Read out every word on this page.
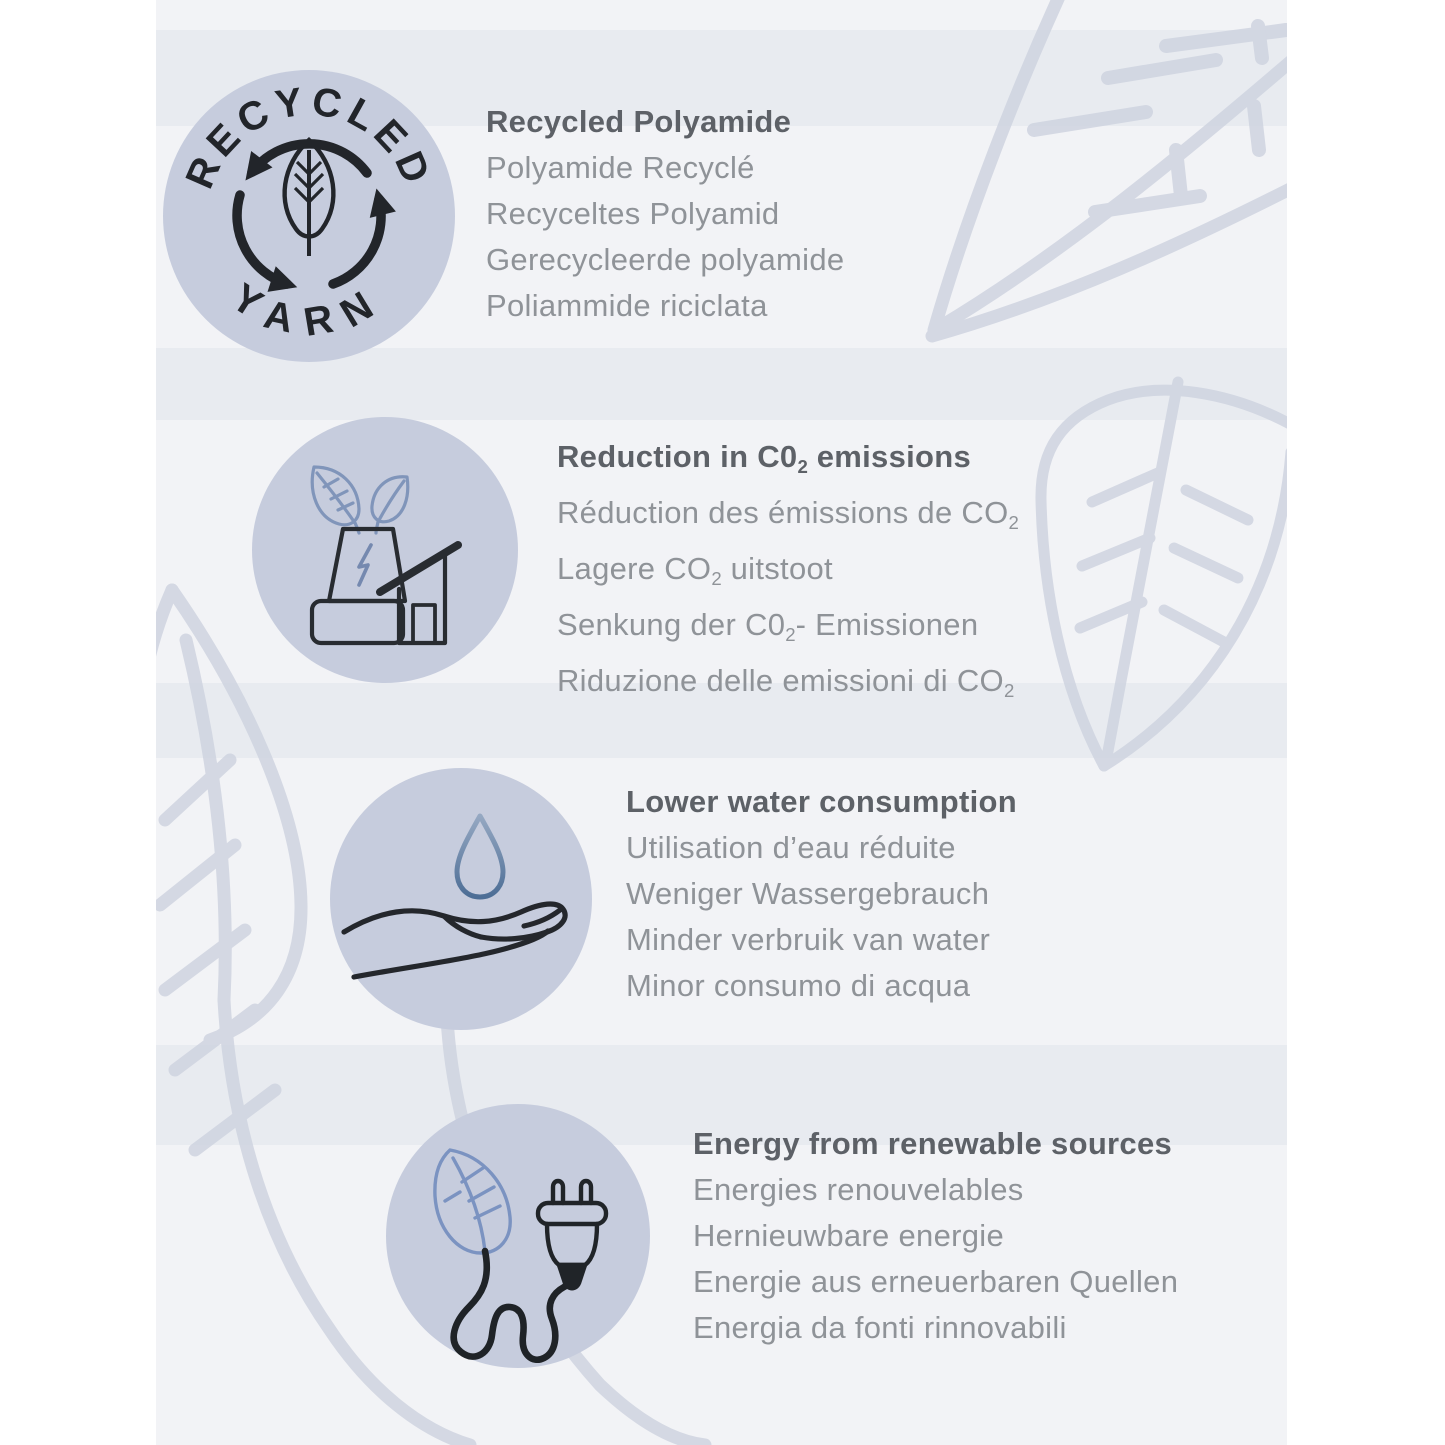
RECYCLED
YARN
Recycled Polyamide
Polyamide Recyclé
Recyceltes Polyamid
Gerecycleerde polyamide
Poliammide riciclata
Reduction in C02 emissions
Réduction des émissions de CO2
Lagere CO2 uitstoot
Senkung der C02- Emissionen
Riduzione delle emissioni di CO2
Lower water consumption
Utilisation d’eau réduite
Weniger Wassergebrauch
Minder verbruik van water
Minor consumo di acqua
Energy from renewable sources
Energies renouvelables
Hernieuwbare energie
Energie aus erneuerbaren Quellen
Energia da fonti rinnovabili
